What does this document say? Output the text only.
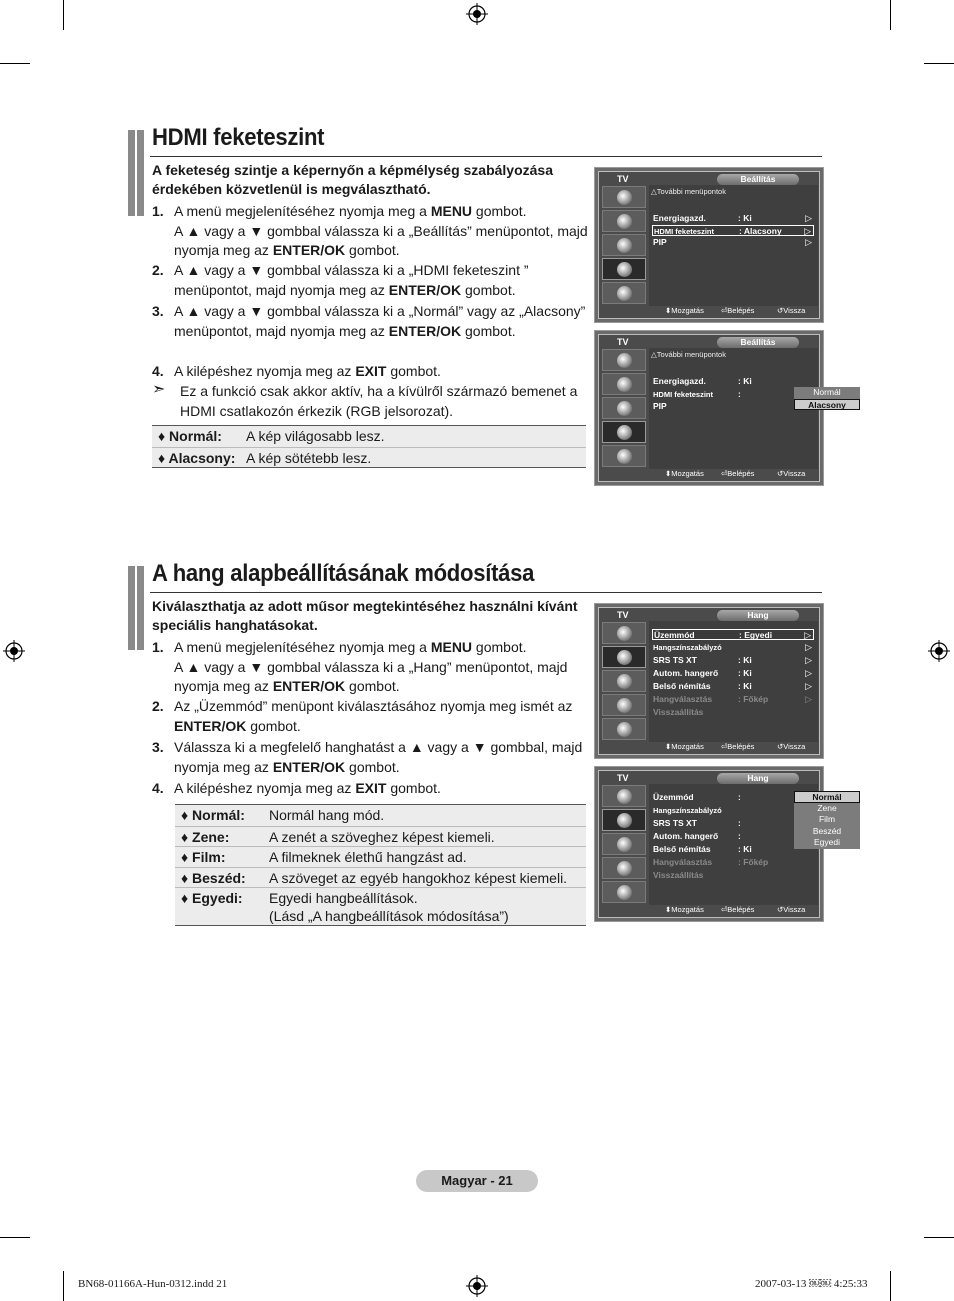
HDMI feketeszint
A feketeség szintje a képernyőn a képmélység szabályozása érdekében közvetlenül is megválasztható.
1. A menü megjelenítéséhez nyomja meg a MENU gombot.
A ▲ vagy a ▼ gombbal válassza ki a „Beállítás” menüpontot, majd nyomja meg az ENTER/OK gombot.
2. A ▲ vagy a ▼ gombbal válassza ki a „HDMI feketeszint ” menüpontot, majd nyomja meg az ENTER/OK gombot.
3. A ▲ vagy a ▼ gombbal válassza ki a „Normál” vagy az „Alacsony” menüpontot, majd nyomja meg az ENTER/OK gombot.
4. A kilépéshez nyomja meg az EXIT gombot.
➣ Ez a funkció csak akkor aktív, ha a kívülről származó bemenet a HDMI csatlakozón érkezik (RGB jelsorozat).
♦ Normál: A kép világosabb lesz.
♦ Alacsony: A kép sötétebb lesz.
TV	Beállítás
△További menüpontok
Energiagazd.	: Ki	▷
HDMI feketeszint	: Alacsony ▷
PIP	▷
⬍ Mozgatás ⏎ Belépés	↺ Vissza
TV	Beállítás
△További menüpontok
Energiagazd.	: Ki
HDMI feketeszint	:
PIP
Normál
Alacsony
⬍ Mozgatás ⏎ Belépés	↺ Vissza
A hang alapbeállításának módosítása
Kiválaszthatja az adott műsor megtekintéséhez használni kívánt speciális hanghatásokat.
1. A menü megjelenítéséhez nyomja meg a MENU gombot.
A ▲ vagy a ▼ gombbal válassza ki a „Hang” menüpontot, majd nyomja meg az ENTER/OK gombot.
2. Az „Üzemmód” menüpont kiválasztásához nyomja meg ismét az ENTER/OK gombot.
3. Válassza ki a megfelelő hanghatást a ▲ vagy a ▼ gombbal, majd nyomja meg az ENTER/OK gombot.
4. A kilépéshez nyomja meg az EXIT gombot.
♦ Normál: Normál hang mód.
♦ Zene:	A zenét a szöveghez képest kiemeli.
♦ Film:	A filmeknek élethű hangzást ad.
♦ Beszéd: A szöveget az egyéb hangokhoz képest kiemeli.
♦ Egyedi: Egyedi hangbeállítások.
(Lásd „A hangbeállítások módosítása”)
TV	Hang
Üzemmód	: Egyedi	▷
Hangszínszabályzó	▷
SRS TS XT	: Ki	▷
Autom. hangerő : Ki	▷
Belső némítás	: Ki	▷
Hangválasztás	: Főkép	▷
Visszaállítás
⬍ Mozgatás ⏎ Belépés	↺ Vissza
TV	Hang
Üzemmód	:
Hangszínszabályzó
SRS TS XT	:
Autom. hangerő :
Belső némítás	: Ki
Hangválasztás	: Főkép
Visszaállítás
Normál
Zene
Film
Beszéd
Egyedi
⬍ Mozgatás ⏎ Belépés	↺ Vissza
Magyar - 21
BN68-01166A-Hun-0312.indd 21	2007-03-13 ￼￼ 4:25:33
